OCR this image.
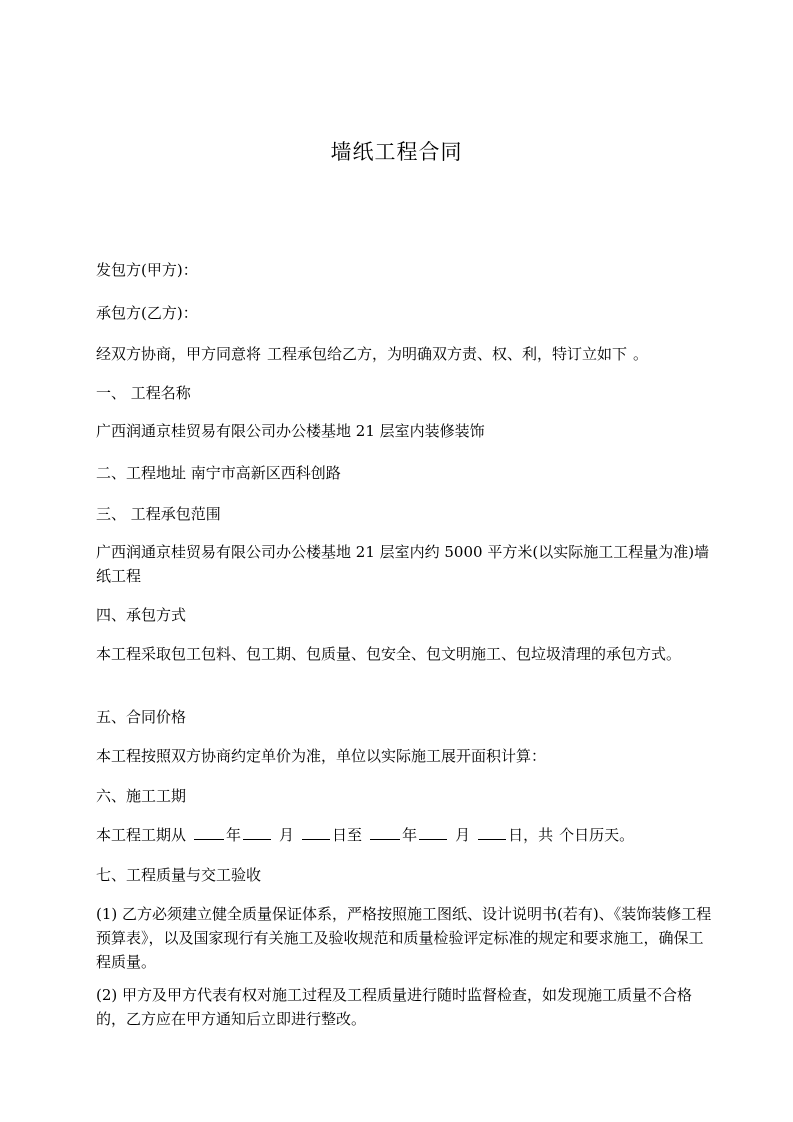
墙纸工程合同

发包方(甲方)：

承包方(乙方)：

经双方协商，甲方同意将 工程承包给乙方，为明确双方责、权、利，特订立如下 。

一、 工程名称

广西润通京桂贸易有限公司办公楼基地 21 层室内装修装饰

二、工程地址 南宁市高新区西科创路

三、 工程承包范围

广西润通京桂贸易有限公司办公楼基地 21 层室内约 5000 平方米(以实际施工工程量为准)墙纸工程

四、承包方式

本工程采取包工包料、包工期、包质量、包安全、包文明施工、包垃圾清理的承包方式。

五、合同价格

本工程按照双方协商约定单价为准，单位以实际施工展开面积计算：

六、施工工期

本工程工期从	年	月	日至	年	月	日，共 个日历天。

七、工程质量与交工验收

(1) 乙方必须建立健全质量保证体系，严格按照施工图纸、设计说明书(若有)、《装饰装修工程预算表》，以及国家现行有关施工及验收规范和质量检验评定标准的规定和要求施工，确保工程质量。

(2) 甲方及甲方代表有权对施工过程及工程质量进行随时监督检查，如发现施工质量不合格的，乙方应在甲方通知后立即进行整改。
